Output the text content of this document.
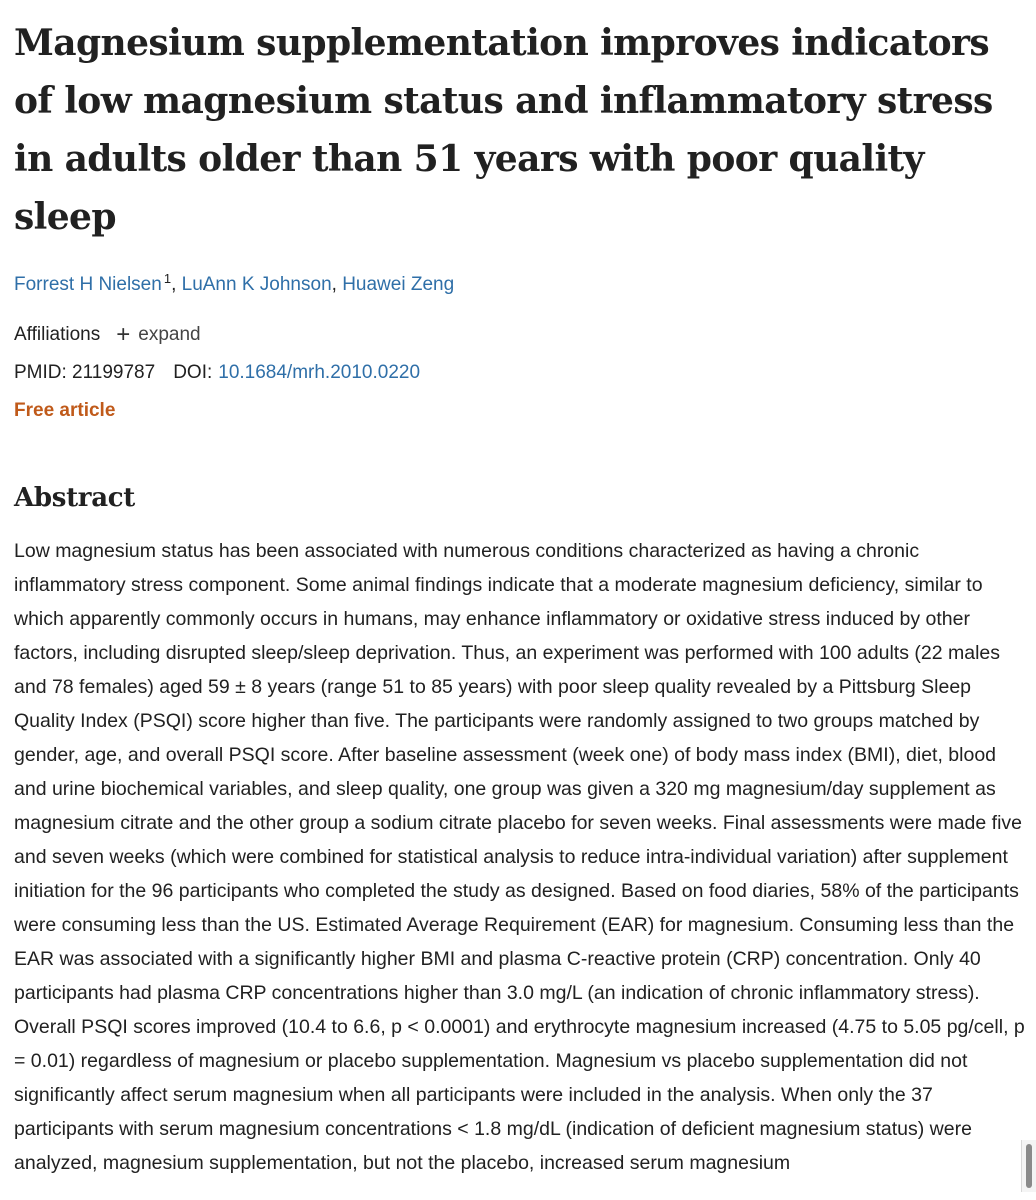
Magnesium supplementation improves indicators of low magnesium status and inflammatory stress in adults older than 51 years with poor quality sleep
Forrest H Nielsen $^1$, LuAnn K Johnson, Huawei Zeng
Affiliations + expand
PMID: 21199787 DOI: 10.1684/mrh.2010.0220
Free article
Abstract

Low magnesium status has been associated with numerous conditions characterized as having a chronic inflammatory stress component. Some animal findings indicate that a moderate magnesium deficiency, similar to which apparently commonly occurs in humans, may enhance inflammatory or oxidative stress induced by other factors, including disrupted sleep/sleep deprivation. Thus, an experiment was performed with 100 adults (22 males and 78 females) aged 59 ± 8 years (range 51 to 85 years) with poor sleep quality revealed by a Pittsburg Sleep Quality Index (PSQI) score higher than five. The participants were randomly assigned to two groups matched by gender, age, and overall PSQI score. After baseline assessment (week one) of body mass index (BMI), diet, blood and urine biochemical variables, and sleep quality, one group was given a 320 mg magnesium/day supplement as magnesium citrate and the other group a sodium citrate placebo for seven weeks. Final assessments were made five and seven weeks (which were combined for statistical analysis to reduce intra-individual variation) after supplement initiation for the 96 participants who completed the study as designed. Based on food diaries, 58% of the participants were consuming less than the US. Estimated Average Requirement (EAR) for magnesium. Consuming less than the EAR was associated with a significantly higher BMI and plasma C-reactive protein (CRP) concentration. Only 40 participants had plasma CRP concentrations higher than 3.0 mg/L (an indication of chronic inflammatory stress). Overall PSQI scores improved (10.4 to 6.6, p < 0.0001) and erythrocyte magnesium increased (4.75 to 5.05 pg/cell, p = 0.01) regardless of magnesium or placebo supplementation. Magnesium vs placebo supplementation did not significantly affect serum magnesium when all participants were included in the analysis. When only the 37 participants with serum magnesium concentrations < 1.8 mg/dL (indication of deficient magnesium status) were analyzed, magnesium supplementation, but not the placebo, increased serum magnesium
